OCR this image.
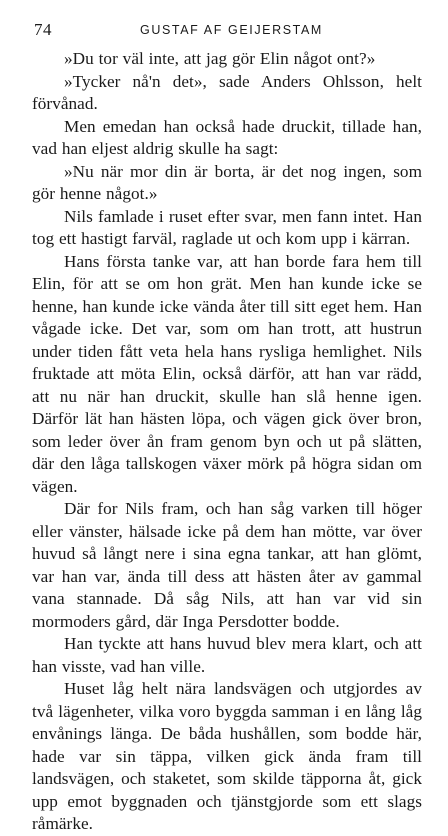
74	GUSTAF AF GEIJERSTAM

»Du tor väl inte, att jag gör Elin något ont?»

»Tycker nå'n det», sade Anders Ohlsson, helt förvånad.

Men emedan han också hade druckit, tillade han, vad han eljest aldrig skulle ha sagt:

»Nu när mor din är borta, är det nog ingen, som gör henne något.»

Nils famlade i ruset efter svar, men fann intet. Han tog ett hastigt farväl, raglade ut och kom upp i kärran.

Hans första tanke var, att han borde fara hem till Elin, för att se om hon grät. Men han kunde icke se henne, han kunde icke vända åter till sitt eget hem. Han vågade icke. Det var, som om han trott, att hustrun under tiden fått veta hela hans rysliga hemlighet. Nils fruktade att möta Elin, också därför, att han var rädd, att nu när han druckit, skulle han slå henne igen. Därför lät han hästen löpa, och vägen gick över bron, som leder över ån fram genom byn och ut på slätten, där den låga tallskogen växer mörk på högra sidan om vägen.

Där for Nils fram, och han såg varken till höger eller vänster, hälsade icke på dem han mötte, var över huvud så långt nere i sina egna tankar, att han glömt, var han var, ända till dess att hästen åter av gammal vana stannade. Då såg Nils, att han var vid sin mormoders gård, där Inga Persdotter bodde.

Han tyckte att hans huvud blev mera klart, och att han visste, vad han ville.

Huset låg helt nära landsvägen och utgjordes av två lägenheter, vilka voro byggda samman i en lång låg envånings länga. De båda hushållen, som bodde här, hade var sin täppa, vilken gick ända fram till landsvägen, och staketet, som skilde täpporna åt, gick upp emot byggnaden och tjänstgjorde som ett slags råmärke.
